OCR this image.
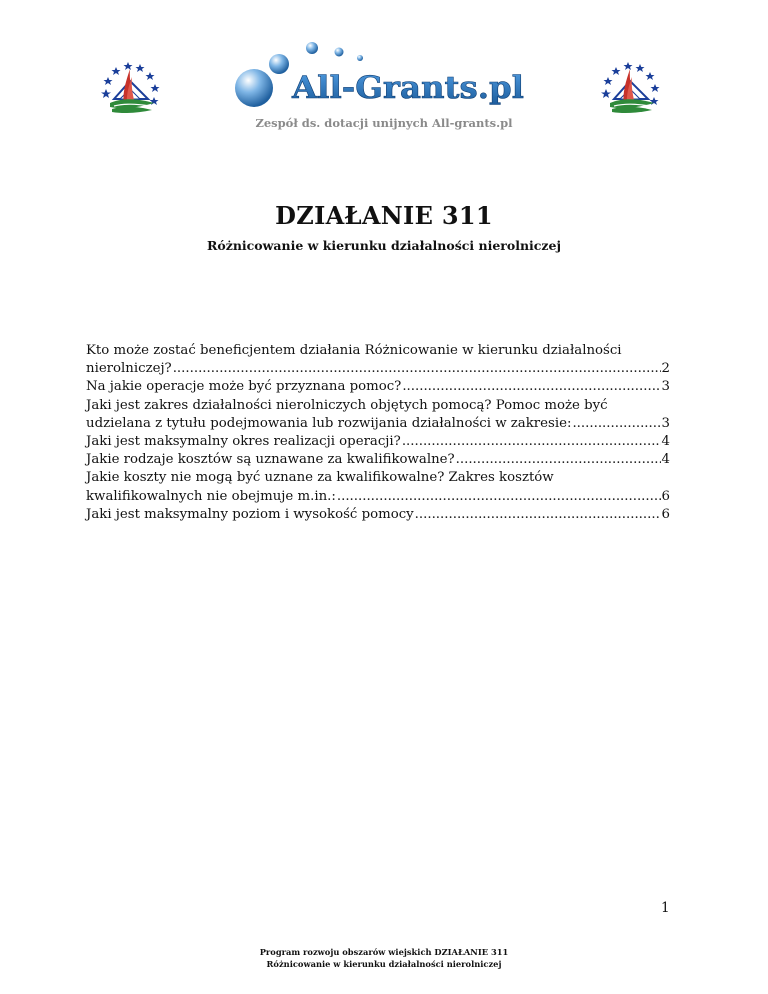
All-Grants.pl
Zespół ds. dotacji unijnych All-grants.pl
DZIAŁANIE 311
Różnicowanie w kierunku działalności nierolniczej
Kto może zostać beneficjentem działania Różnicowanie w kierunku działalności
nierolniczej? .....	2
Na jakie operacje może być przyznana pomoc? .....	3
Jaki jest zakres działalności nierolniczych objętych pomocą? Pomoc może być
udzielana z tytułu podejmowania lub rozwijania działalności w zakresie: .....	3
Jaki jest maksymalny okres realizacji operacji? .....	4
Jakie rodzaje kosztów są uznawane za kwalifikowalne? .....	4
Jakie koszty nie mogą być uznane za kwalifikowalne? Zakres kosztów
kwalifikowalnych nie obejmuje m.in.: .....	6
Jaki jest maksymalny poziom i wysokość pomocy .....	6
1
Program rozwoju obszarów wiejskich DZIAŁANIE 311
Różnicowanie w kierunku działalności nierolniczej
